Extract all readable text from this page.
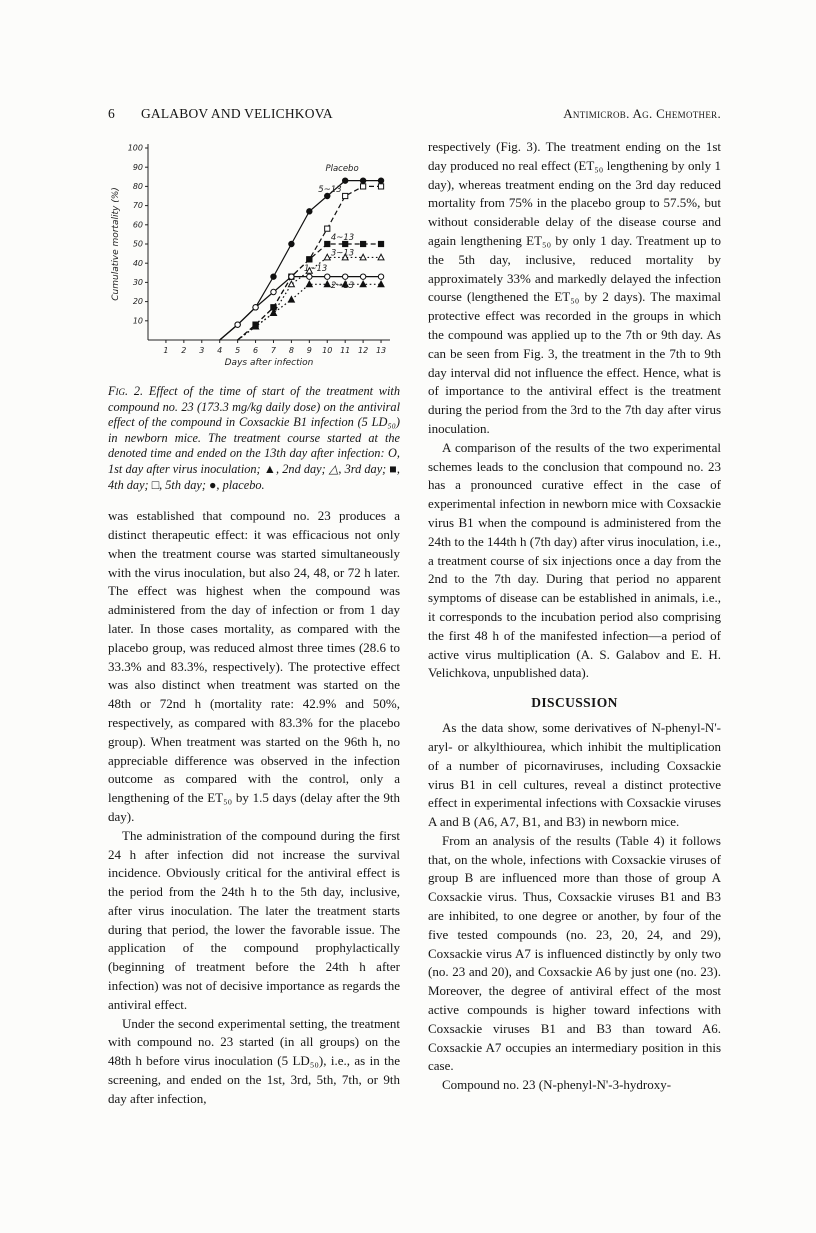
6 GALABOV AND VELICHKOVA	Antimicrob. Ag. Chemother.
10
20
30
40
50
60
70
80
90
100
1 2 3 4 5 6 7 8 9 10 11 12 13
Cumulative mortality (%)
Days after infection
Placebo
5~13
4~13
3~13
1~13
2~13
Fig. 2. Effect of the time of start of the treatment with compound no. 23 (173.3 mg/kg daily dose) on the antiviral effect of the compound in Coxsackie B1 infection (5 LD₅₀) in newborn mice. The treatment course started at the denoted time and ended on the 13th day after infection: O, 1st day after virus inoculation; ▲, 2nd day; △, 3rd day; ■, 4th day; □, 5th day; ●, placebo.

was established that compound no. 23 produces a distinct therapeutic effect: it was efficacious not only when the treatment course was started simultaneously with the virus inoculation, but also 24, 48, or 72 h later. The effect was highest when the compound was administered from the day of infection or from 1 day later. In those cases mortality, as compared with the placebo group, was reduced almost three times (28.6 to 33.3% and 83.3%, respectively). The protective effect was also distinct when treatment was started on the 48th or 72nd h (mortality rate: 42.9% and 50%, respectively, as compared with 83.3% for the placebo group). When treatment was started on the 96th h, no appreciable difference was observed in the infection outcome as compared with the control, only a lengthening of the ET₅₀ by 1.5 days (delay after the 9th day).

The administration of the compound during the first 24 h after infection did not increase the survival incidence. Obviously critical for the antiviral effect is the period from the 24th h to the 5th day, inclusive, after virus inoculation. The later the treatment starts during that period, the lower the favorable issue. The application of the compound prophylactically (beginning of treatment before the 24th h after infection) was not of decisive importance as regards the antiviral effect.

Under the second experimental setting, the treatment with compound no. 23 started (in all groups) on the 48th h before virus inoculation (5 LD₅₀), i.e., as in the screening, and ended on the 1st, 3rd, 5th, 7th, or 9th day after infection,

respectively (Fig. 3). The treatment ending on the 1st day produced no real effect (ET₅₀ lengthening by only 1 day), whereas treatment ending on the 3rd day reduced mortality from 75% in the placebo group to 57.5%, but without considerable delay of the disease course and again lengthening ET₅₀ by only 1 day. Treatment up to the 5th day, inclusive, reduced mortality by approximately 33% and markedly delayed the infection course (lengthened the ET₅₀ by 2 days). The maximal protective effect was recorded in the groups in which the compound was applied up to the 7th or 9th day. As can be seen from Fig. 3, the treatment in the 7th to 9th day interval did not influence the effect. Hence, what is of importance to the antiviral effect is the treatment during the period from the 3rd to the 7th day after virus inoculation.

A comparison of the results of the two experimental schemes leads to the conclusion that compound no. 23 has a pronounced curative effect in the case of experimental infection in newborn mice with Coxsackie virus B1 when the compound is administered from the 24th to the 144th h (7th day) after virus inoculation, i.e., a treatment course of six injections once a day from the 2nd to the 7th day. During that period no apparent symptoms of disease can be established in animals, i.e., it corresponds to the incubation period also comprising the first 48 h of the manifested infection—a period of active virus multiplication (A. S. Galabov and E. H. Velichkova, unpublished data).

DISCUSSION

As the data show, some derivatives of N-phenyl-N'-aryl- or alkylthiourea, which inhibit the multiplication of a number of picornaviruses, including Coxsackie virus B1 in cell cultures, reveal a distinct protective effect in experimental infections with Coxsackie viruses A and B (A6, A7, B1, and B3) in newborn mice.

From an analysis of the results (Table 4) it follows that, on the whole, infections with Coxsackie viruses of group B are influenced more than those of group A Coxsackie virus. Thus, Coxsackie viruses B1 and B3 are inhibited, to one degree or another, by four of the five tested compounds (no. 23, 20, 24, and 29), Coxsackie virus A7 is influenced distinctly by only two (no. 23 and 20), and Coxsackie A6 by just one (no. 23). Moreover, the degree of antiviral effect of the most active compounds is higher toward infections with Coxsackie viruses B1 and B3 than toward A6. Coxsackie A7 occupies an intermediary position in this case.

Compound no. 23 (N-phenyl-N'-3-hydroxy-
